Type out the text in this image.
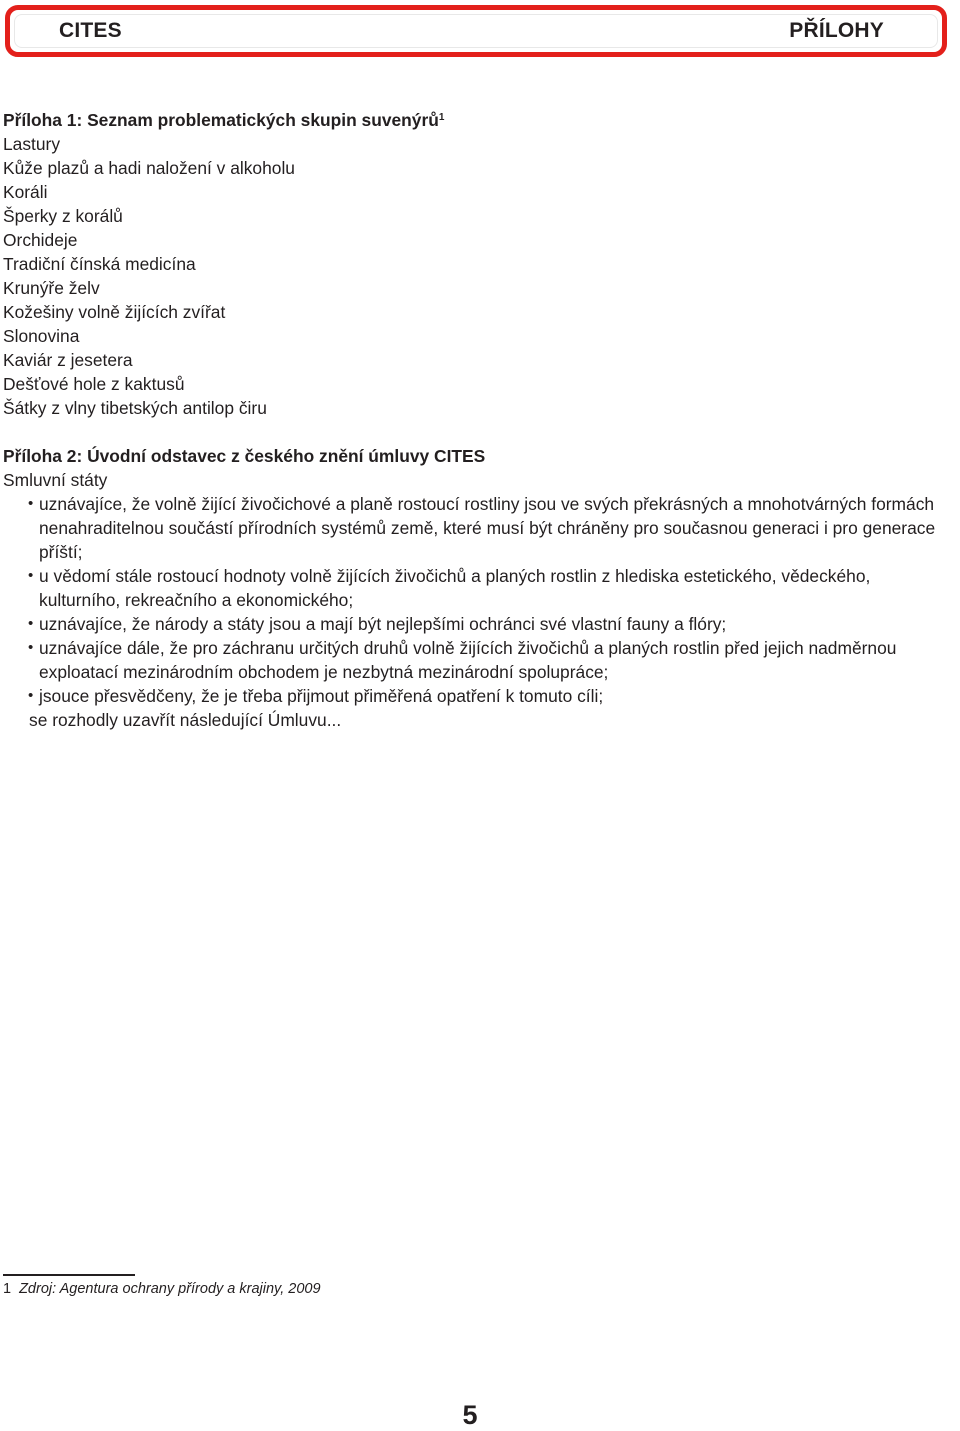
CITES	PŘÍLOHY

Příloha 1: Seznam problematických skupin suvenýrů$^1$

Lastury

Kůže plazů a hadi naložení v alkoholu

Koráli

Šperky z korálů

Orchideje

Tradiční čínská medicína

Krunýře želv

Kožešiny volně žijících zvířat

Slonovina

Kaviár z jesetera

Dešťové hole z kaktusů

Šátky z vlny tibetských antilop čiru

Příloha 2: Úvodní odstavec z českého znění úmluvy CITES

Smluvní státy

• uznávajíce, že volně žijící živočichové a planě rostoucí rostliny jsou ve svých překrásných a mnohotvárných formách nenahraditelnou součástí přírodních systémů země, které musí být chráněny pro současnou generaci i pro generace příští;
• u vědomí stále rostoucí hodnoty volně žijících živočichů a planých rostlin z hlediska estetického, vědeckého, kulturního, rekreačního a ekonomického;
• uznávajíce, že národy a státy jsou a mají být nejlepšími ochránci své vlastní fauny a flóry;
• uznávajíce dále, že pro záchranu určitých druhů volně žijících živočichů a planých rostlin před jejich nadměrnou exploatací mezinárodním obchodem je nezbytná mezinárodní spolupráce;
• jsouce přesvědčeny, že je třeba přijmout přiměřená opatření k tomuto cíli;

se rozhodly uzavřít následující Úmluvu...

1 Zdroj: Agentura ochrany přírody a krajiny, 2009
5
